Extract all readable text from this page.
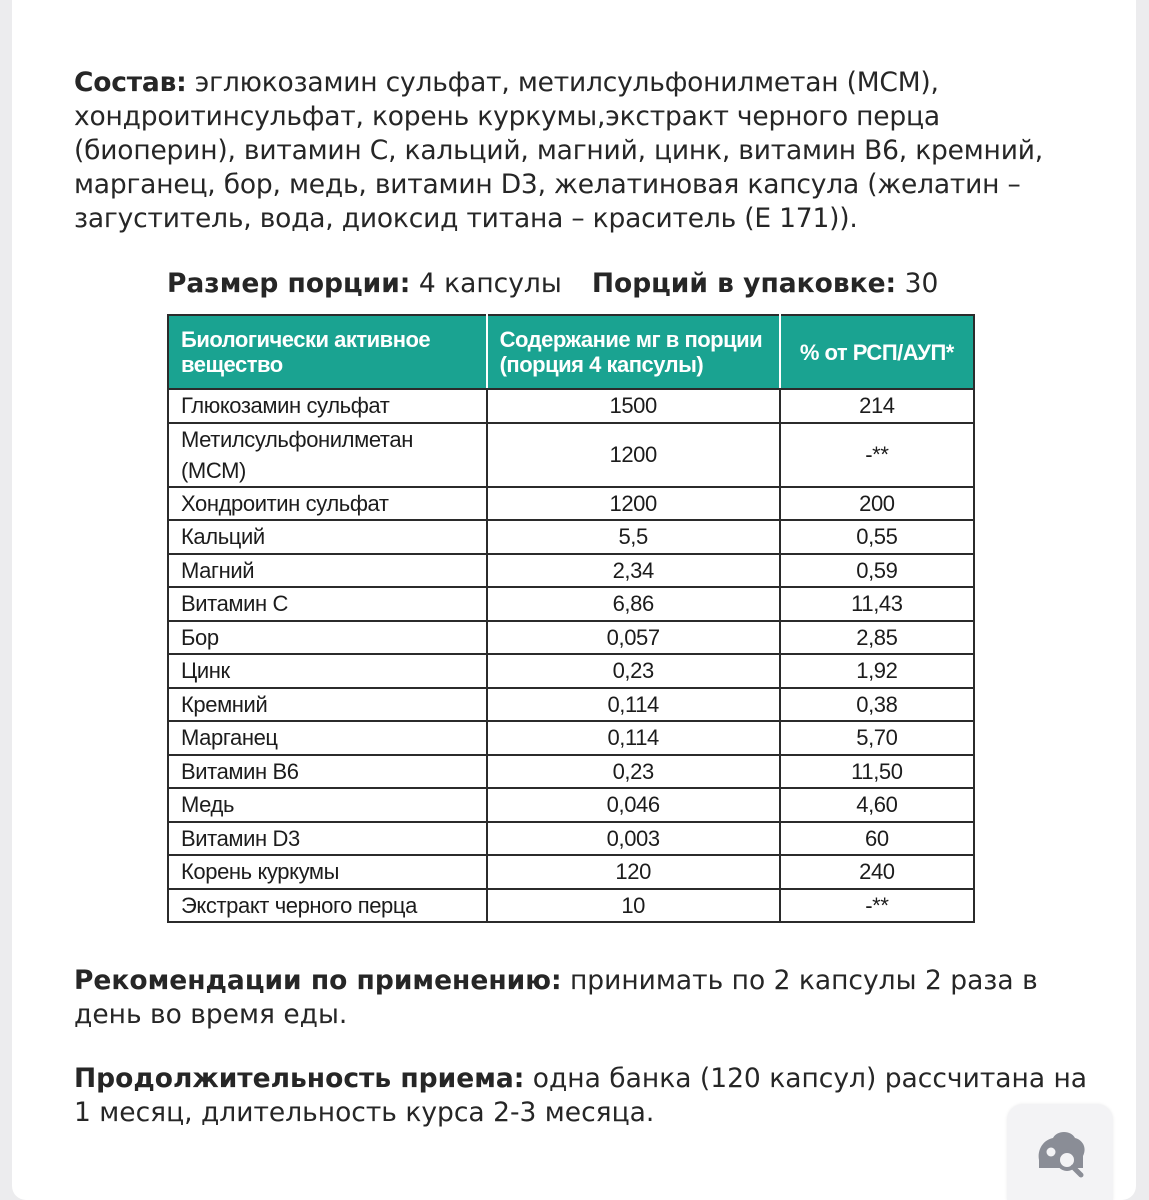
Состав: эглюкозамин сульфат, метилсульфонилметан (МСМ), хондроитинсульфат, корень куркумы,экстракт черного перца (биоперин), витамин С, кальций, магний, цинк, витамин В6, кремний, марганец, бор, медь, витамин D3, желатиновая капсула (желатин – загуститель, вода, диоксид титана – краситель (Е 171)).

Размер порции: 4 капсулы Порций в упаковке: 30
Биологически активное вещество	Содержание мг в порции (порция 4 капсулы)	% от РСП/АУП*
Глюкозамин сульфат	1500	214
Метилсульфонилметан (МСМ)	1200	-**
Хондроитин сульфат	1200	200
Кальций	5,5	0,55
Магний	2,34	0,59
Витамин С	6,86	11,43
Бор	0,057	2,85
Цинк	0,23	1,92
Кремний	0,114	0,38
Марганец	0,114	5,70
Витамин В6	0,23	11,50
Медь	0,046	4,60
Витамин D3	0,003	60
Корень куркумы	120	240
Экстракт черного перца	10	-**

Рекомендации по применению: принимать по 2 капсулы 2 раза в день во время еды.

Продолжительность приема: одна банка (120 капсул) рассчитана на 1 месяц, длительность курса 2-3 месяца.
